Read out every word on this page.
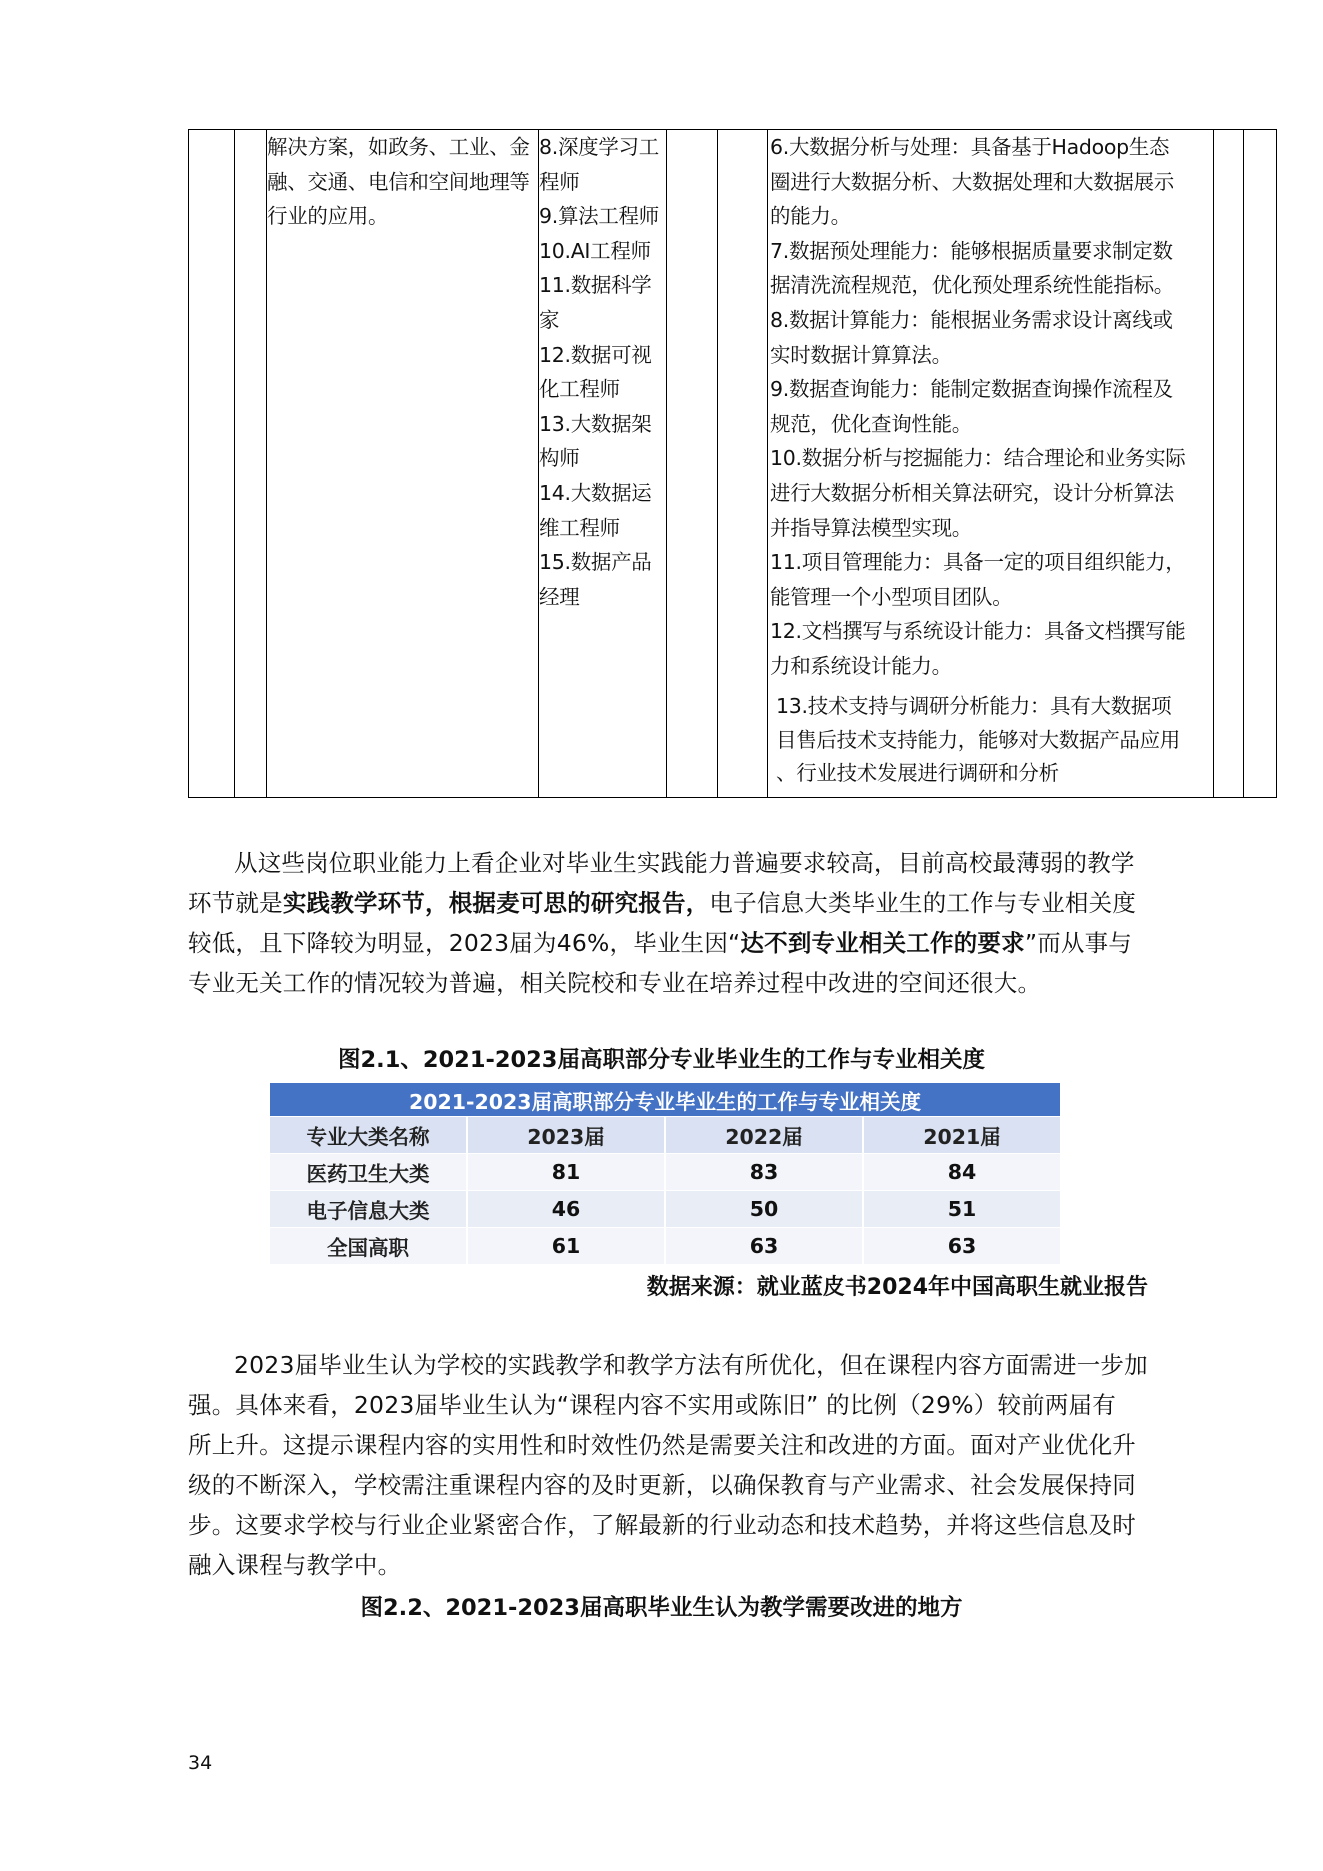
解决方案，如政务、工业、金
融、交通、电信和空间地理等
行业的应用。

8.深度学习工
程师
9.算法工程师
10.AI工程师
11.数据科学
家
12.数据可视
化工程师
13.大数据架
构师
14.大数据运
维工程师
15.数据产品
经理

6.大数据分析与处理：具备基于Hadoop生态
圈进行大数据分析、大数据处理和大数据展示
的能力。
7.数据预处理能力：能够根据质量要求制定数
据清洗流程规范，优化预处理系统性能指标。
8.数据计算能力：能根据业务需求设计离线或
实时数据计算算法。
9.数据查询能力：能制定数据查询操作流程及
规范，优化查询性能。
10.数据分析与挖掘能力：结合理论和业务实际
进行大数据分析相关算法研究，设计分析算法
并指导算法模型实现。
11.项目管理能力：具备一定的项目组织能力，
能管理一个小型项目团队。
12.文档撰写与系统设计能力：具备文档撰写能
力和系统设计能力。
13.技术支持与调研分析能力：具有大数据项
目售后技术支持能力，能够对大数据产品应用
、行业技术发展进行调研和分析

从这些岗位职业能力上看企业对毕业生实践能力普遍要求较高，目前高校最薄弱的教学
环节就是实践教学环节，根据麦可思的研究报告，电子信息大类毕业生的工作与专业相关度
较低，且下降较为明显，2023届为46%，毕业生因“达不到专业相关工作的要求”而从事与
专业无关工作的情况较为普遍，相关院校和专业在培养过程中改进的空间还很大。
图2.1、2021-2023届高职部分专业毕业生的工作与专业相关度
2021-2023届高职部分专业毕业生的工作与专业相关度			
专业大类名称	2023届	2022届	2021届
医药卫生大类	81	83	84
电子信息大类	46	50	51
全国高职	61	63	63
数据来源：就业蓝皮书2024年中国高职生就业报告
2023届毕业生认为学校的实践教学和教学方法有所优化，但在课程内容方面需进一步加
强。具体来看，2023届毕业生认为“课程内容不实用或陈旧” 的比例（29%）较前两届有
所上升。这提示课程内容的实用性和时效性仍然是需要关注和改进的方面。面对产业优化升
级的不断深入，学校需注重课程内容的及时更新，以确保教育与产业需求、社会发展保持同
步。这要求学校与行业企业紧密合作，了解最新的行业动态和技术趋势，并将这些信息及时
融入课程与教学中。
图2.2、2021-2023届高职毕业生认为教学需要改进的地方
34
